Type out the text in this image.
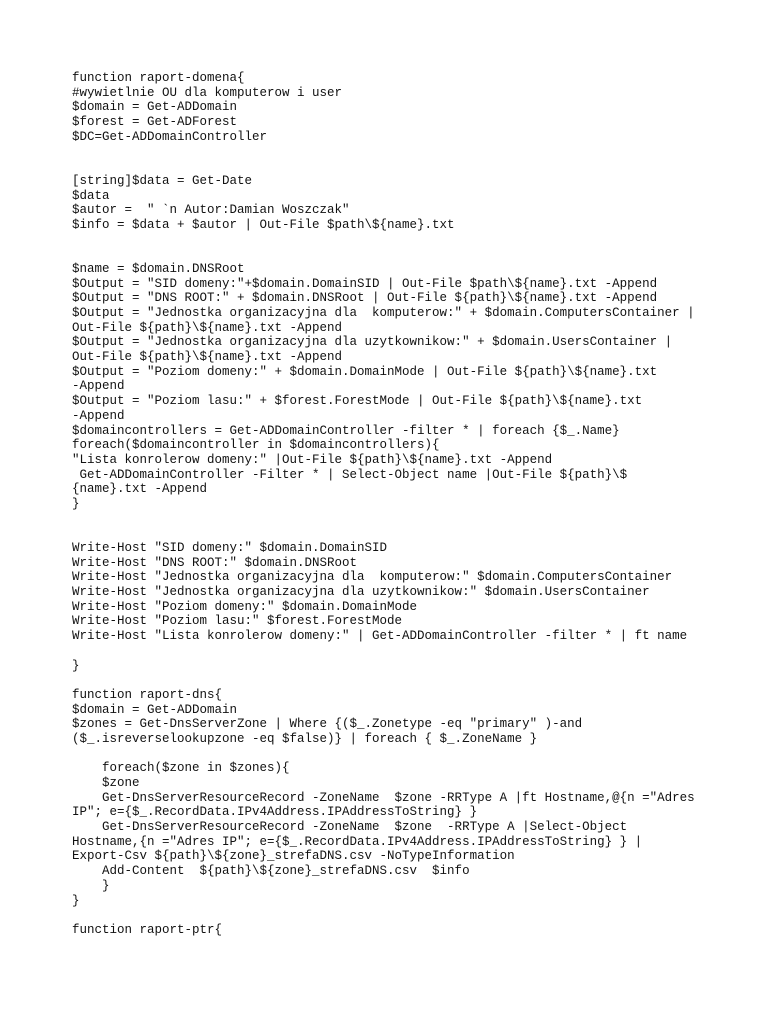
function raport-domena{
#wywietlnie OU dla komputerow i user
$domain = Get-ADDomain
$forest = Get-ADForest
$DC=Get-ADDomainController
[string]$data = Get-Date
$data
$autor =  " `n Autor:Damian Woszczak"
$info = $data + $autor | Out-File $path\${name}.txt
$name = $domain.DNSRoot
$Output = "SID domeny:"+$domain.DomainSID | Out-File $path\${name}.txt -Append
$Output = "DNS ROOT:" + $domain.DNSRoot | Out-File ${path}\${name}.txt -Append
$Output = "Jednostka organizacyjna dla  komputerow:" + $domain.ComputersContainer |
Out-File ${path}\${name}.txt -Append
$Output = "Jednostka organizacyjna dla uzytkownikow:" + $domain.UsersContainer |
Out-File ${path}\${name}.txt -Append
$Output = "Poziom domeny:" + $domain.DomainMode | Out-File ${path}\${name}.txt
-Append
$Output = "Poziom lasu:" + $forest.ForestMode | Out-File ${path}\${name}.txt
-Append
$domaincontrollers = Get-ADDomainController -filter * | foreach {$_.Name}
foreach($domaincontroller in $domaincontrollers){
"Lista konrolerow domeny:" |Out-File ${path}\${name}.txt -Append
Get-ADDomainController -Filter * | Select-Object name |Out-File ${path}\$
{name}.txt -Append
}
Write-Host "SID domeny:" $domain.DomainSID
Write-Host "DNS ROOT:" $domain.DNSRoot
Write-Host "Jednostka organizacyjna dla  komputerow:" $domain.ComputersContainer
Write-Host "Jednostka organizacyjna dla uzytkownikow:" $domain.UsersContainer
Write-Host "Poziom domeny:" $domain.DomainMode
Write-Host "Poziom lasu:" $forest.ForestMode
Write-Host "Lista konrolerow domeny:" | Get-ADDomainController -filter * | ft name
}
function raport-dns{
$domain = Get-ADDomain
$zones = Get-DnsServerZone | Where {($_.Zonetype -eq "primary" )-and
($_.isreverselookupzone -eq $false)} | foreach { $_.ZoneName }
foreach($zone in $zones){
$zone
Get-DnsServerResourceRecord -ZoneName  $zone -RRType A |ft Hostname,@{n ="Adres
IP"; e={$_.RecordData.IPv4Address.IPAddressToString} }
Get-DnsServerResourceRecord -ZoneName  $zone  -RRType A |Select-Object
Hostname,{n ="Adres IP"; e={$_.RecordData.IPv4Address.IPAddressToString} } |
Export-Csv ${path}\${zone}_strefaDNS.csv -NoTypeInformation
Add-Content  ${path}\${zone}_strefaDNS.csv  $info
}
}
function raport-ptr{
